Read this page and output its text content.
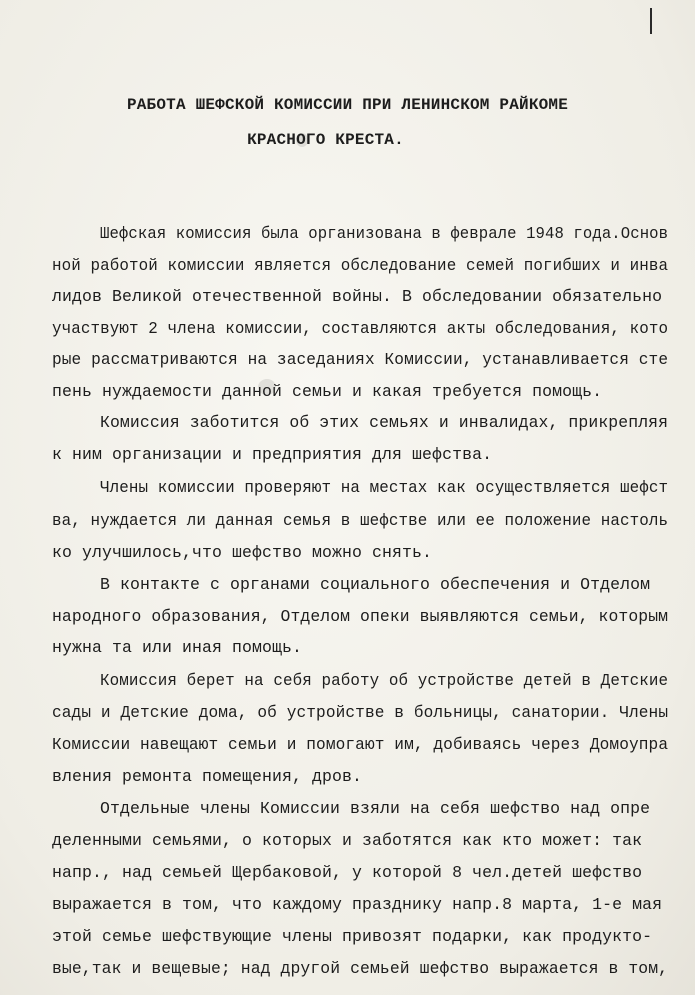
РАБОТА ШЕФСКОЙ КОМИССИИ ПРИ ЛЕНИНСКОМ РАЙКОМЕ
КРАСНОГО КРЕСТА.
Шефская комиссия была организована в феврале 1948 года.Основ
ной работой комиссии является обследование семей погибших и инва
лидов Великой отечественной войны. В обследовании обязательно
участвуют 2 члена комиссии, составляются акты обследования, кото
рые рассматриваются на заседаниях Комиссии, устанавливается сте
пень нуждаемости данной семьи и какая требуется помощь.
Комиссия заботится об этих семьях и инвалидах, прикрепляя
к ним организации и предприятия для шефства.
Члены комиссии проверяют на местах как осуществляется шефст
ва, нуждается ли данная семья в шефстве или ее положение настоль
ко улучшилось,что шефство можно снять.
В контакте с органами социального обеспечения и Отделом
народного образования, Отделом опеки выявляются семьи, которым
нужна та или иная помощь.
Комиссия берет на себя работу об устройстве детей в Детские
сады и Детские дома, об устройстве в больницы, санатории. Члены
Комиссии навещают семьи и помогают им, добиваясь через Домоупра
вления ремонта помещения, дров.
Отдельные члены Комиссии взяли на себя шефство над опре
деленными семьями, о которых и заботятся как кто может: так
напр., над семьей Щербаковой, у которой 8 чел.детей шефство
выражается в том, что каждому празднику напр.8 марта, 1-е мая
этой семье шефствующие члены привозят подарки, как продукто-
вые,так и вещевые; над другой семьей шефство выражается в том,
